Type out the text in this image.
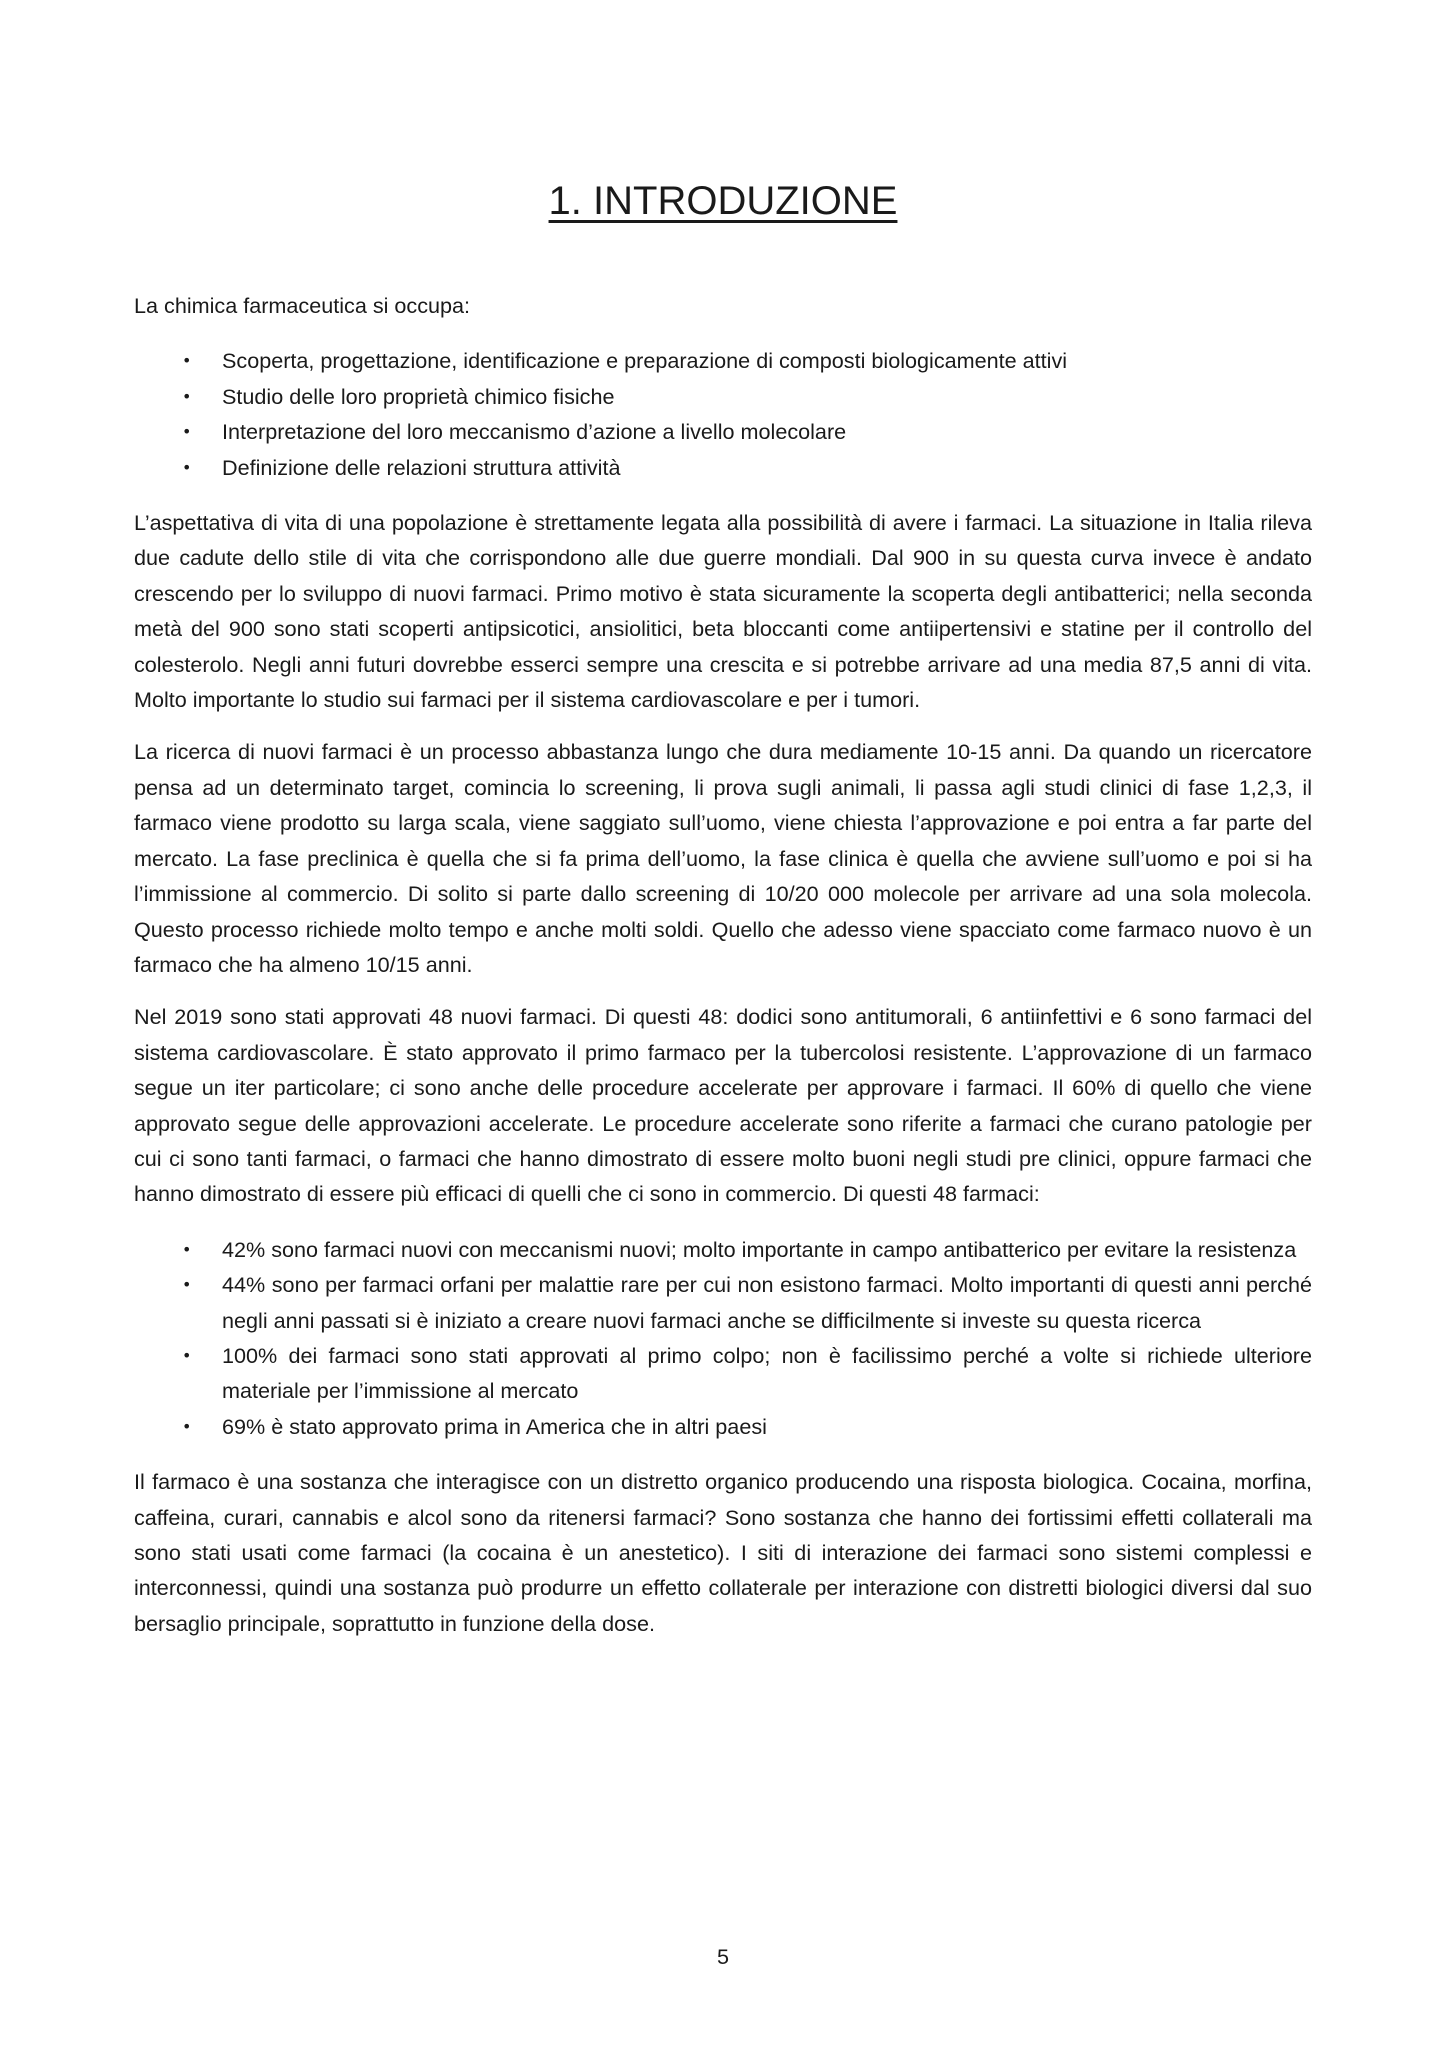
1. INTRODUZIONE

La chimica farmaceutica si occupa:

• Scoperta, progettazione, identificazione e preparazione di composti biologicamente attivi
• Studio delle loro proprietà chimico fisiche
• Interpretazione del loro meccanismo d’azione a livello molecolare
• Definizione delle relazioni struttura attività

L’aspettativa di vita di una popolazione è strettamente legata alla possibilità di avere i farmaci. La situazione in Italia rileva due cadute dello stile di vita che corrispondono alle due guerre mondiali. Dal 900 in su questa curva invece è andato crescendo per lo sviluppo di nuovi farmaci. Primo motivo è stata sicuramente la scoperta degli antibatterici; nella seconda metà del 900 sono stati scoperti antipsicotici, ansiolitici, beta bloccanti come antiipertensivi e statine per il controllo del colesterolo. Negli anni futuri dovrebbe esserci sempre una crescita e si potrebbe arrivare ad una media 87,5 anni di vita. Molto importante lo studio sui farmaci per il sistema cardiovascolare e per i tumori.

La ricerca di nuovi farmaci è un processo abbastanza lungo che dura mediamente 10-15 anni. Da quando un ricercatore pensa ad un determinato target, comincia lo screening, li prova sugli animali, li passa agli studi clinici di fase 1,2,3, il farmaco viene prodotto su larga scala, viene saggiato sull’uomo, viene chiesta l’approvazione e poi entra a far parte del mercato. La fase preclinica è quella che si fa prima dell’uomo, la fase clinica è quella che avviene sull’uomo e poi si ha l’immissione al commercio. Di solito si parte dallo screening di 10/20 000 molecole per arrivare ad una sola molecola. Questo processo richiede molto tempo e anche molti soldi. Quello che adesso viene spacciato come farmaco nuovo è un farmaco che ha almeno 10/15 anni.

Nel 2019 sono stati approvati 48 nuovi farmaci. Di questi 48: dodici sono antitumorali, 6 antiinfettivi e 6 sono farmaci del sistema cardiovascolare. È stato approvato il primo farmaco per la tubercolosi resistente. L’approvazione di un farmaco segue un iter particolare; ci sono anche delle procedure accelerate per approvare i farmaci. Il 60% di quello che viene approvato segue delle approvazioni accelerate. Le procedure accelerate sono riferite a farmaci che curano patologie per cui ci sono tanti farmaci, o farmaci che hanno dimostrato di essere molto buoni negli studi pre clinici, oppure farmaci che hanno dimostrato di essere più efficaci di quelli che ci sono in commercio. Di questi 48 farmaci:

• 42% sono farmaci nuovi con meccanismi nuovi; molto importante in campo antibatterico per evitare la resistenza
• 44% sono per farmaci orfani per malattie rare per cui non esistono farmaci. Molto importanti di questi anni perché negli anni passati si è iniziato a creare nuovi farmaci anche se difficilmente si investe su questa ricerca
• 100% dei farmaci sono stati approvati al primo colpo; non è facilissimo perché a volte si richiede ulteriore materiale per l’immissione al mercato
• 69% è stato approvato prima in America che in altri paesi

Il farmaco è una sostanza che interagisce con un distretto organico producendo una risposta biologica. Cocaina, morfina, caffeina, curari, cannabis e alcol sono da ritenersi farmaci? Sono sostanza che hanno dei fortissimi effetti collaterali ma sono stati usati come farmaci (la cocaina è un anestetico). I siti di interazione dei farmaci sono sistemi complessi e interconnessi, quindi una sostanza può produrre un effetto collaterale per interazione con distretti biologici diversi dal suo bersaglio principale, soprattutto in funzione della dose.

5
